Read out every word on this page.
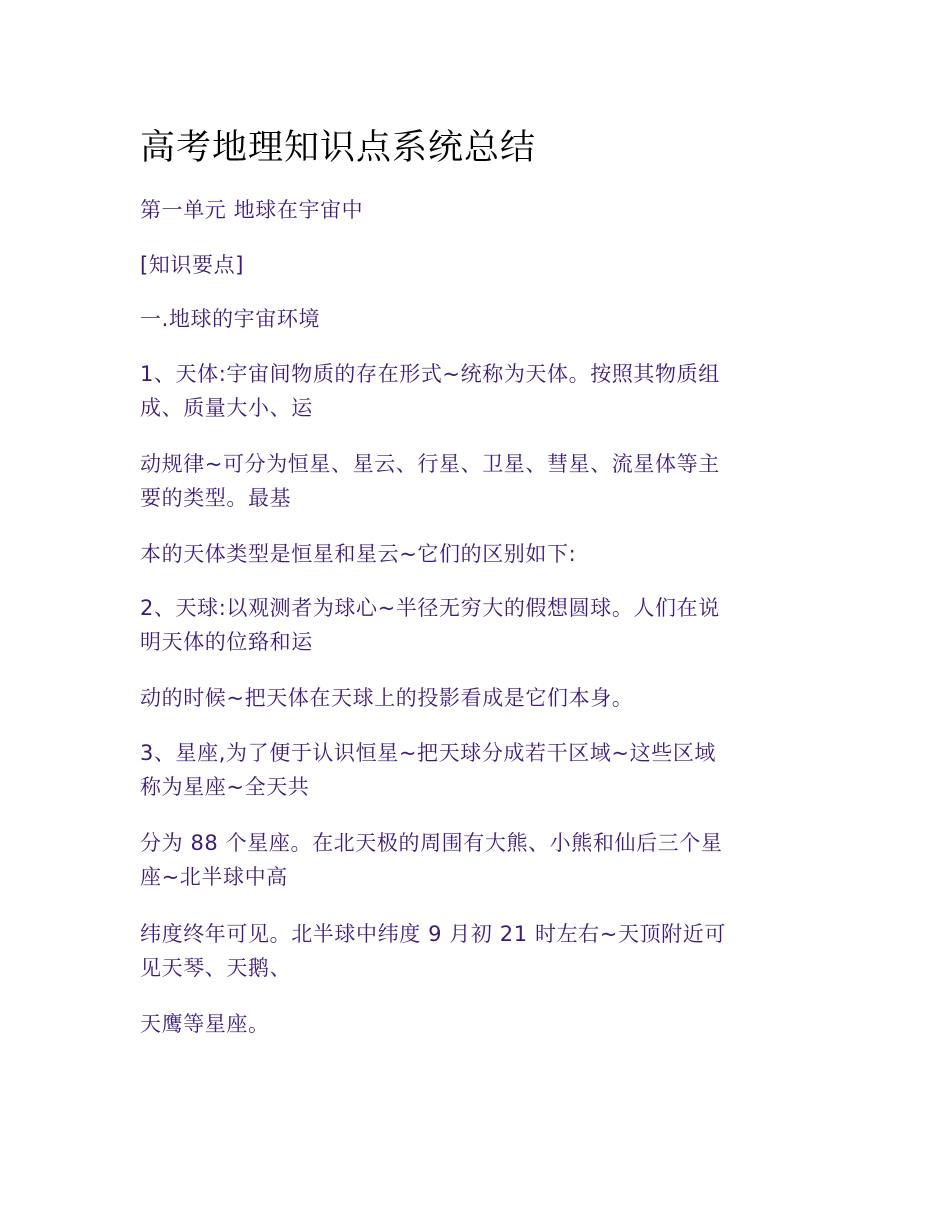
高考地理知识点系统总结

第一单元 地球在宇宙中

[知识要点]

一.地球的宇宙环境

1、天体:宇宙间物质的存在形式~统称为天体。按照其物质组
成、质量大小、运

动规律~可分为恒星、星云、行星、卫星、彗星、流星体等主
要的类型。最基

本的天体类型是恒星和星云~它们的区别如下:

2、天球:以观测者为球心~半径无穷大的假想圆球。人们在说
明天体的位臵和运

动的时候~把天体在天球上的投影看成是它们本身。

3、星座,为了便于认识恒星~把天球分成若干区域~这些区域
称为星座~全天共

分为 88 个星座。在北天极的周围有大熊、小熊和仙后三个星
座~北半球中高

纬度终年可见。北半球中纬度 9 月初 21 时左右~天顶附近可
见天琴、天鹅、

天鹰等星座。
